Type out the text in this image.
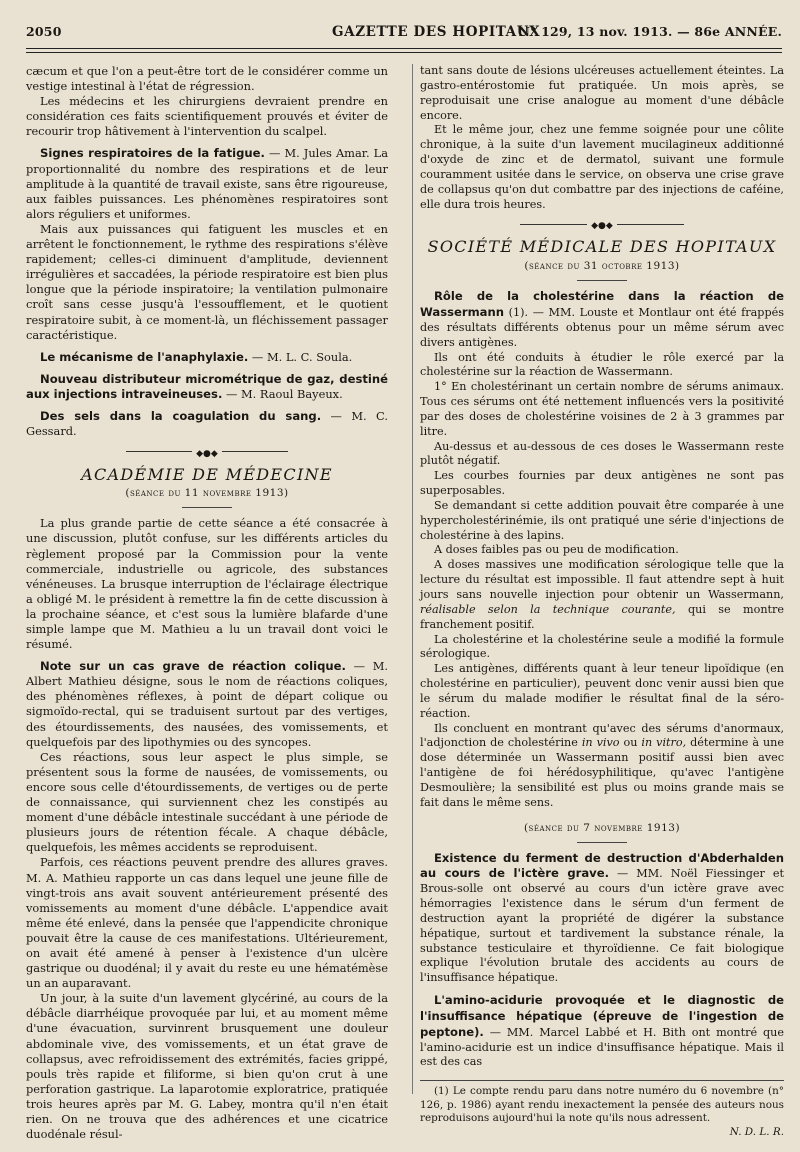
2050	GAZETTE DES HOPITAUX
N° 129, 13 nov. 1913. — 86e ANNÉE.

cæcum et que l'on a peut-être tort de le considérer comme un vestige intestinal à l'état de régression.

Les médecins et les chirurgiens devraient prendre en considération ces faits scientifiquement prouvés et éviter de recourir trop hâtivement à l'intervention du scalpel.

Signes respiratoires de la fatigue. — M. Jules Amar. La proportionnalité du nombre des respirations et de leur amplitude à la quantité de travail existe, sans être rigoureuse, aux faibles puissances. Les phénomènes respiratoires sont alors réguliers et uniformes.

Mais aux puissances qui fatiguent les muscles et en arrêtent le fonctionnement, le rythme des respirations s'élève rapidement; celles-ci diminuent d'amplitude, deviennent irrégulières et saccadées, la période respiratoire est bien plus longue que la période inspiratoire; la ventilation pulmonaire croît sans cesse jusqu'à l'essoufflement, et le quotient respiratoire subit, à ce moment-là, un fléchissement passager caractéristique.

Le mécanisme de l'anaphylaxie. — M. L. C. Soula.

Nouveau distributeur micrométrique de gaz, destiné aux injections intraveineuses. — M. Raoul Bayeux.

Des sels dans la coagulation du sang. — M. C. Gessard.

◆●◆

ACADÉMIE DE MÉDECINE

(séance du 11 novembre 1913)

La plus grande partie de cette séance a été consacrée à une discussion, plutôt confuse, sur les différents articles du règlement proposé par la Commission pour la vente commerciale, industrielle ou agricole, des substances vénéneuses. La brusque interruption de l'éclairage électrique a obligé M. le président à remettre la fin de cette discussion à la prochaine séance, et c'est sous la lumière blafarde d'une simple lampe que M. Mathieu a lu un travail dont voici le résumé.

Note sur un cas grave de réaction colique. — M. Albert Mathieu désigne, sous le nom de réactions coliques, des phénomènes réflexes, à point de départ colique ou sigmoïdo-rectal, qui se traduisent surtout par des vertiges, des étourdissements, des nausées, des vomissements, et quelquefois par des lipothymies ou des syncopes.

Ces réactions, sous leur aspect le plus simple, se présentent sous la forme de nausées, de vomissements, ou encore sous celle d'étourdissements, de vertiges ou de perte de connaissance, qui surviennent chez les constipés au moment d'une débâcle intestinale succédant à une période de plusieurs jours de rétention fécale. A chaque débâcle, quelquefois, les mêmes accidents se reproduisent.

Parfois, ces réactions peuvent prendre des allures graves. M. A. Mathieu rapporte un cas dans lequel une jeune fille de vingt-trois ans avait souvent antérieurement présenté des vomissements au moment d'une débâcle. L'appendice avait même été enlevé, dans la pensée que l'appendicite chronique pouvait être la cause de ces manifestations. Ultérieurement, on avait été amené à penser à l'existence d'un ulcère gastrique ou duodénal; il y avait du reste eu une hématémèse un an auparavant.

Un jour, à la suite d'un lavement glycériné, au cours de la débâcle diarrhéique provoquée par lui, et au moment même d'une évacuation, survinrent brusquement une douleur abdominale vive, des vomissements, et un état grave de collapsus, avec refroidissement des extrémités, facies grippé, pouls très rapide et filiforme, si bien qu'on crut à une perforation gastrique. La laparotomie exploratrice, pratiquée trois heures après par M. G. Labey, montra qu'il n'en était rien. On ne trouva que des adhérences et une cicatrice duodénale résul-

tant sans doute de lésions ulcéreuses actuellement éteintes. La gastro-entérostomie fut pratiquée. Un mois après, se reproduisait une crise analogue au moment d'une débâcle encore.

Et le même jour, chez une femme soignée pour une côlite chronique, à la suite d'un lavement mucilagineux additionné d'oxyde de zinc et de dermatol, suivant une formule couramment usitée dans le service, on observa une crise grave de collapsus qu'on dut combattre par des injections de caféine, elle dura trois heures.

◆●◆

SOCIÉTÉ MÉDICALE DES HOPITAUX

(séance du 31 octobre 1913)

Rôle de la cholestérine dans la réaction de Wassermann (1). — MM. Louste et Montlaur ont été frappés des résultats différents obtenus pour un même sérum avec divers antigènes.

Ils ont été conduits à étudier le rôle exercé par la cholestérine sur la réaction de Wassermann.

1° En cholestérinant un certain nombre de sérums animaux. Tous ces sérums ont été nettement influencés vers la positivité par des doses de cholestérine voisines de 2 à 3 grammes par litre.

Au-dessus et au-dessous de ces doses le Wassermann reste plutôt négatif.

Les courbes fournies par deux antigènes ne sont pas superposables.

Se demandant si cette addition pouvait être comparée à une hypercholestérinémie, ils ont pratiqué une série d'injections de cholestérine à des lapins.

A doses faibles pas ou peu de modification.

A doses massives une modification sérologique telle que la lecture du résultat est impossible. Il faut attendre sept à huit jours sans nouvelle injection pour obtenir un Wassermann, réalisable selon la technique courante, qui se montre franchement positif.

La cholestérine et la cholestérine seule a modifié la formule sérologique.

Les antigènes, différents quant à leur teneur lipoïdique (en cholestérine en particulier), peuvent donc venir aussi bien que le sérum du malade modifier le résultat final de la séro-réaction.

Ils concluent en montrant qu'avec des sérums d'anormaux, l'adjonction de cholestérine in vivo ou in vitro, détermine à une dose déterminée un Wassermann positif aussi bien avec l'antigène de foi hérédosyphilitique, qu'avec l'antigène Desmoulière; la sensibilité est plus ou moins grande mais se fait dans le même sens.

(séance du 7 novembre 1913)

Existence du ferment de destruction d'Abderhalden au cours de l'ictère grave. — MM. Noël Fiessinger et Brous-solle ont observé au cours d'un ictère grave avec hémorragies l'existence dans le sérum d'un ferment de destruction ayant la propriété de digérer la substance hépatique, surtout et tardivement la substance rénale, la substance testiculaire et thyroïdienne. Ce fait biologique explique l'évolution brutale des accidents au cours de l'insuffisance hépatique.

L'amino-acidurie provoquée et le diagnostic de l'insuffisance hépatique (épreuve de l'ingestion de peptone). — MM. Marcel Labbé et H. Bith ont montré que l'amino-acidurie est un indice d'insuffisance hépatique. Mais il est des cas

(1) Le compte rendu paru dans notre numéro du 6 novembre (n° 126, p. 1986) ayant rendu inexactement la pensée des auteurs nous reproduisons aujourd'hui la note qu'ils nous adressent.

N. D. L. R.
